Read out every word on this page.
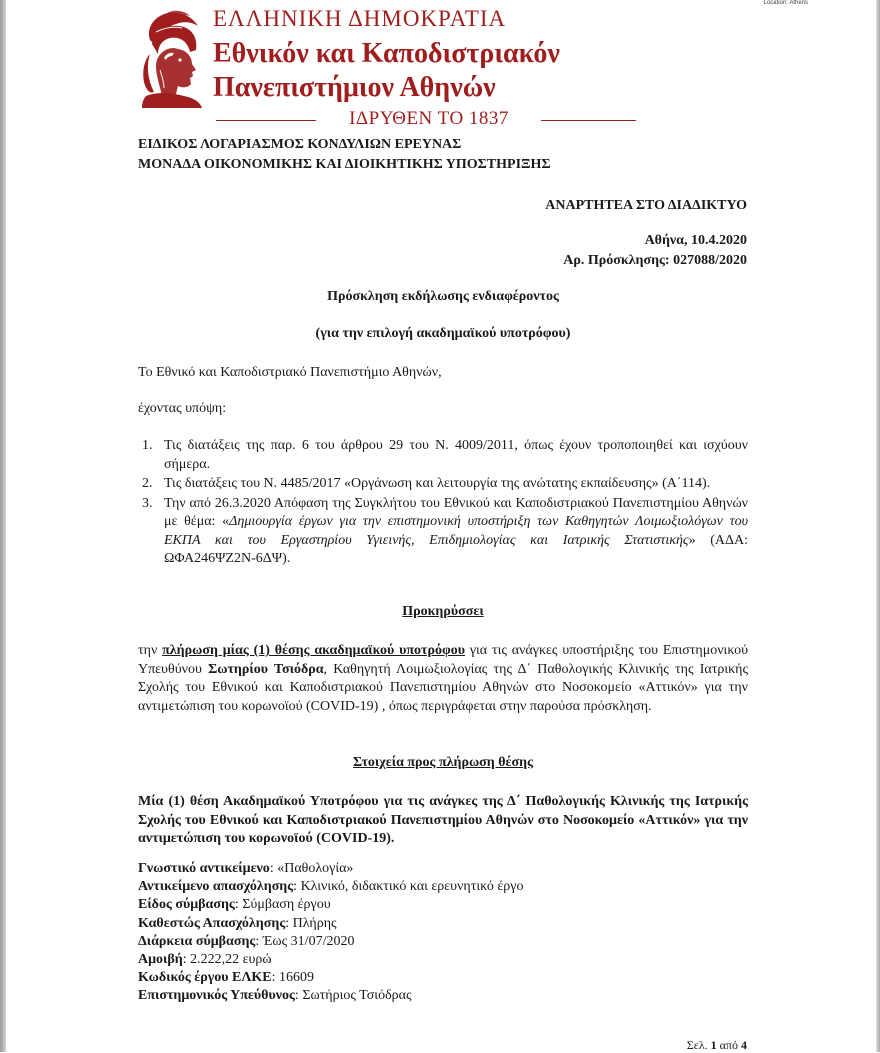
Location: Athens
ΕΛΛΗΝΙΚΗ ΔΗΜΟΚΡΑΤΙΑ
Εθνικόν και Καποδιστριακόν
Πανεπιστήμιον Αθηνών
ΙΔΡΥΘΕΝ ΤΟ 1837
ΕΙΔΙΚΟΣ ΛΟΓΑΡΙΑΣΜΟΣ ΚΟΝΔΥΛΙΩΝ ΕΡΕΥΝΑΣ
ΜΟΝΑΔΑ ΟΙΚΟΝΟΜΙΚΗΣ ΚΑΙ ΔΙΟΙΚΗΤΙΚΗΣ ΥΠΟΣΤΗΡΙΞΗΣ
ΑΝΑΡΤΗΤΕΑ ΣΤΟ ΔΙΑΔΙΚΤΥΟ
Αθήνα, 10.4.2020
Αρ. Πρόσκλησης: 027088/2020
Πρόσκληση εκδήλωσης ενδιαφέροντος
(για την επιλογή ακαδημαϊκού υποτρόφου)
Το Εθνικό και Καποδιστριακό Πανεπιστήμιο Αθηνών,
έχοντας υπόψη:
1. Τις διατάξεις της παρ. 6 του άρθρου 29 του Ν. 4009/2011, όπως έχουν τροποποιηθεί και ισχύουν σήμερα.
2. Τις διατάξεις του Ν. 4485/2017 «Οργάνωση και λειτουργία της ανώτατης εκπαίδευσης» (Α΄114).
3. Την από 26.3.2020 Απόφαση της Συγκλήτου του Εθνικού και Καποδιστριακού Πανεπιστημίου Αθηνών με θέμα: «Δημιουργία έργων για την επιστημονική υποστήριξη των Καθηγητών Λοιμωξιολόγων του ΕΚΠΑ και του Εργαστηρίου Υγιεινής, Επιδημιολογίας και Ιατρικής Στατιστικής» (ΑΔΑ: ΩΦΑ246ΨΖ2Ν-6ΔΨ).
Προκηρύσσει
την πλήρωση μίας (1) θέσης ακαδημαϊκού υποτρόφου για τις ανάγκες υποστήριξης του Επιστημονικού Υπευθύνου Σωτηρίου Τσιόδρα, Καθηγητή Λοιμωξιολογίας της Δ΄ Παθολογικής Κλινικής της Ιατρικής Σχολής του Εθνικού και Καποδιστριακού Πανεπιστημίου Αθηνών στο Νοσοκομείο «Αττικόν» για την αντιμετώπιση του κορωνοϊού (COVID-19) , όπως περιγράφεται στην παρούσα πρόσκληση.
Στοιχεία προς πλήρωση θέσης
Μία (1) θέση Ακαδημαϊκού Υποτρόφου για τις ανάγκες της Δ΄ Παθολογικής Κλινικής της Ιατρικής Σχολής του Εθνικού και Καποδιστριακού Πανεπιστημίου Αθηνών στο Νοσοκομείο «Αττικόν» για την αντιμετώπιση του κορωνοϊού (COVID-19).
Γνωστικό αντικείμενο: «Παθολογία»
Αντικείμενο απασχόλησης: Κλινικό, διδακτικό και ερευνητικό έργο
Είδος σύμβασης: Σύμβαση έργου
Καθεστώς Απασχόλησης: Πλήρης
Διάρκεια σύμβασης: Έως 31/07/2020
Αμοιβή: 2.222,22 ευρώ
Κωδικός έργου ΕΛΚΕ: 16609
Επιστημονικός Υπεύθυνος: Σωτήριος Τσιόδρας
Σελ. 1 από 4
